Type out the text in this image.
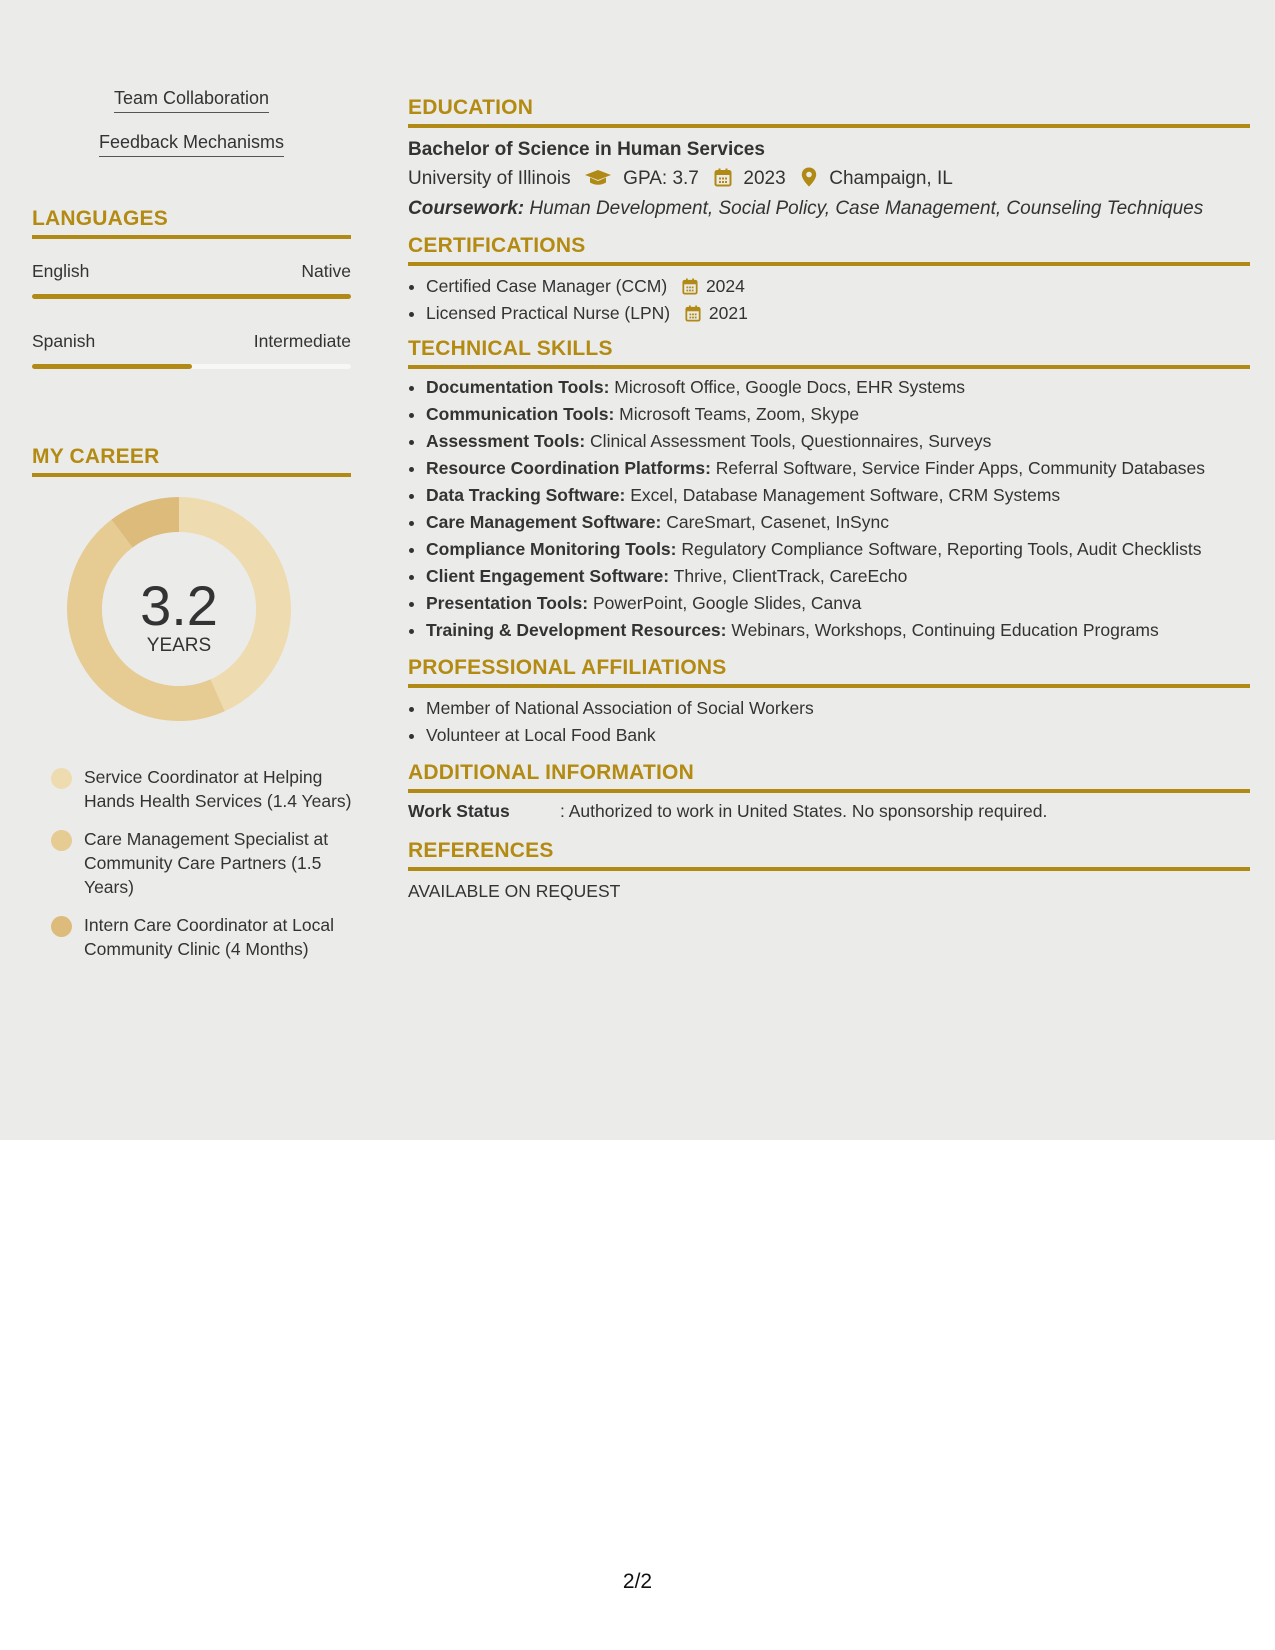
Team Collaboration
Feedback Mechanisms
LANGUAGES
English	Native
Spanish	Intermediate
MY CAREER
3.2
YEARS
Service Coordinator at Helping Hands Health Services (1.4 Years)
Care Management Specialist at Community Care Partners (1.5 Years)
Intern Care Coordinator at Local Community Clinic (4 Months)
EDUCATION
Bachelor of Science in Human Services
University of Illinois	GPA: 3.7 2023 Champaign, IL
Coursework: Human Development, Social Policy, Case Management, Counseling Techniques
CERTIFICATIONS
• Certified Case Manager (CCM) 2024
• Licensed Practical Nurse (LPN) 2021
TECHNICAL SKILLS
• Documentation Tools: Microsoft Office, Google Docs, EHR Systems
• Communication Tools: Microsoft Teams, Zoom, Skype
• Assessment Tools: Clinical Assessment Tools, Questionnaires, Surveys
• Resource Coordination Platforms: Referral Software, Service Finder Apps, Community Databases
• Data Tracking Software: Excel, Database Management Software, CRM Systems
• Care Management Software: CareSmart, Casenet, InSync
• Compliance Monitoring Tools: Regulatory Compliance Software, Reporting Tools, Audit Checklists
• Client Engagement Software: Thrive, ClientTrack, CareEcho
• Presentation Tools: PowerPoint, Google Slides, Canva
• Training & Development Resources: Webinars, Workshops, Continuing Education Programs
PROFESSIONAL AFFILIATIONS
• Member of National Association of Social Workers
• Volunteer at Local Food Bank
ADDITIONAL INFORMATION
Work Status	: Authorized to work in United States. No sponsorship required.
REFERENCES
AVAILABLE ON REQUEST
2/2
